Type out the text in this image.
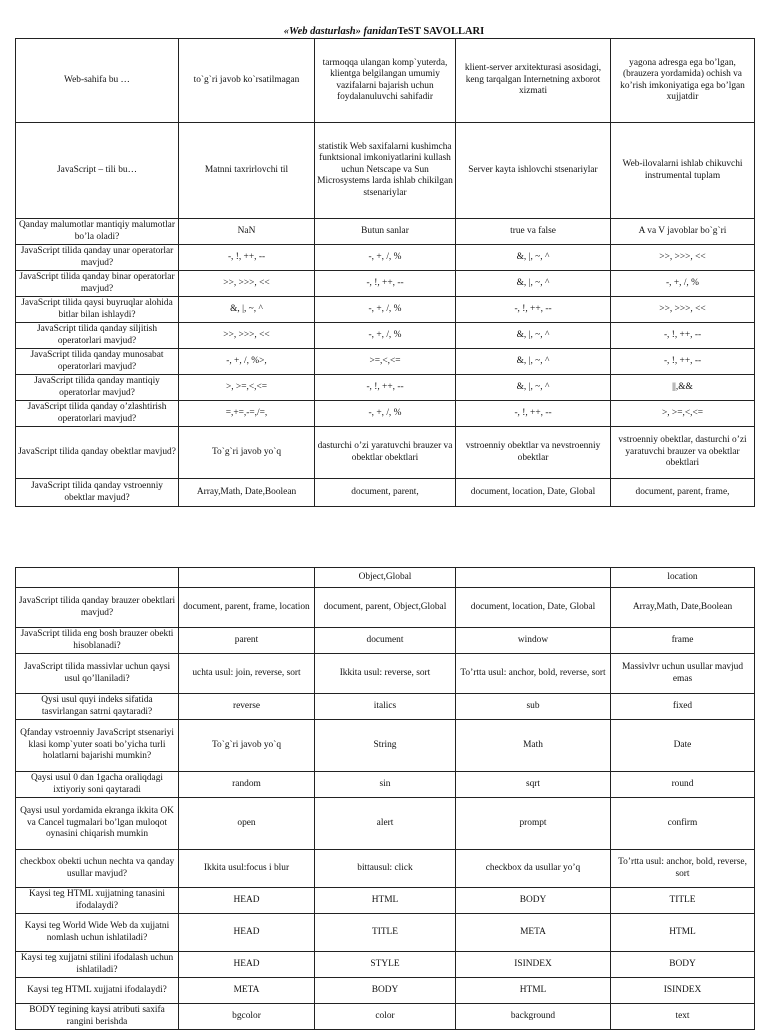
«Web dasturlash» fanidanTeST SAVOLLARI
Web-sahifa bu …	to`g`ri javob ko`rsatilmagan	tarmoqqa ulangan komp`yuterda, klientga belgilangan umumiy vazifalarni bajarish uchun foydalanuluvchi sahifadir	klient-server arxitekturasi asosidagi, keng tarqalgan Internetning axborot xizmati	yagona adresga ega bo’lgan, (brauzera yordamida) ochish va ko’rish imkoniyatiga ega bo’lgan xujjatdir
JavaScript – tili bu…	Matnni taxrirlovchi til	statistik Web saxifalarni kushimcha funktsional imkoniyatlarini kullash uchun Netscape va Sun Microsystems larda ishlab chikilgan stsenariylar	Server kayta ishlovchi stsenariylar	Web-ilovalarni ishlab chikuvchi instrumental tuplam
Qanday malumotlar mantiqiy malumotlar bo’la oladi?	NaN	Butun sanlar	true va false	A va V javoblar bo`g`ri
JavaScript tilida qanday unar operatorlar mavjud?	-, !, ++, --	-, +, /, %	&, |, ~, ^	>>, >>>, <<
JavaScript tilida qanday binar operatorlar mavjud?	>>, >>>, <<	-, !, ++, --	&, |, ~, ^	-, +, /, %
JavaScript tilida qaysi buyruqlar alohida bitlar bilan ishlaydi?	&, |, ~, ^	-, +, /, %	-, !, ++, --	>>, >>>, <<
JavaScript tilida qanday siljitish operatorlari mavjud?	>>, >>>, <<	-, +, /, %	&, |, ~, ^	-, !, ++, --
JavaScript tilida qanday munosabat operatorlari mavjud?	-, +, /, %>,	>=,<,<=	&, |, ~, ^	-, !, ++, --
JavaScript tilida qanday mantiqiy operatorlar mavjud?	>, >=,<,<=	-, !, ++, --	&, |, ~, ^	||,&&
JavaScript tilida qanday o’zlashtirish operatorlari mavjud?	=,+=,-=,/=,	-, +, /, %	-, !, ++, --	>, >=,<,<=
JavaScript tilida qanday obektlar mavjud?	To`g`ri javob yo`q	dasturchi o’zi yaratuvchi brauzer va obektlar obektlari	vstroenniy obektlar va nevstroenniy obektlar	vstroenniy obektlar, dasturchi o’zi yaratuvchi brauzer va obektlar obektlari
JavaScript tilida qanday vstroenniy obektlar mavjud?	Array,Math, Date,Boolean	document, parent,	document, location, Date, Global	document, parent, frame,
		Object,Global		location
JavaScript tilida qanday brauzer obektlari mavjud?	document, parent, frame, location	document, parent, Object,Global	document, location, Date, Global	Array,Math, Date,Boolean
JavaScript tilida eng bosh brauzer obekti hisoblanadi?	parent	document	window	frame
JavaScript tilida massivlar uchun qaysi usul qo’llaniladi?	uchta usul: join, reverse, sort	Ikkita usul: reverse, sort	To’rtta usul: anchor, bold, reverse, sort	Massivlvr uchun usullar mavjud emas
Qysi usul quyi indeks sifatida tasvirlangan satrni qaytaradi?	reverse	italics	sub	fixed
Qfanday vstroenniy JavaScript stsenariyi klasi komp`yuter soati bo’yicha turli holatlarni bajarishi mumkin?	To`g`ri javob yo`q	String	Math	Date
Qaysi usul 0 dan 1gacha oraliqdagi ixtiyoriy soni qaytaradi	random	sin	sqrt	round
Qaysi usul yordamida ekranga ikkita OK va Cancel tugmalari bo’lgan muloqot oynasini chiqarish mumkin	open	alert	prompt	confirm
checkbox obekti uchun nechta va qanday usullar mavjud?	Ikkita usul:focus i blur	bittausul: click	checkbox da usullar yo’q	To’rtta usul: anchor, bold, reverse, sort
Kaysi teg HTML xujjatning tanasini ifodalaydi?	HEAD	HTML	BODY	TITLE
Kaysi teg World Wide Web da xujjatni nomlash uchun ishlatiladi?	HEAD	TITLE	META	HTML
Kaysi teg xujjatni stilini ifodalash uchun ishlatiladi?	HEAD	STYLE	ISINDEX	BODY
Kaysi teg HTML xujjatni ifodalaydi?	META	BODY	HTML	ISINDEX
BODY tegining kaysi atributi saxifa rangini berishda	bgcolor	color	background	text
